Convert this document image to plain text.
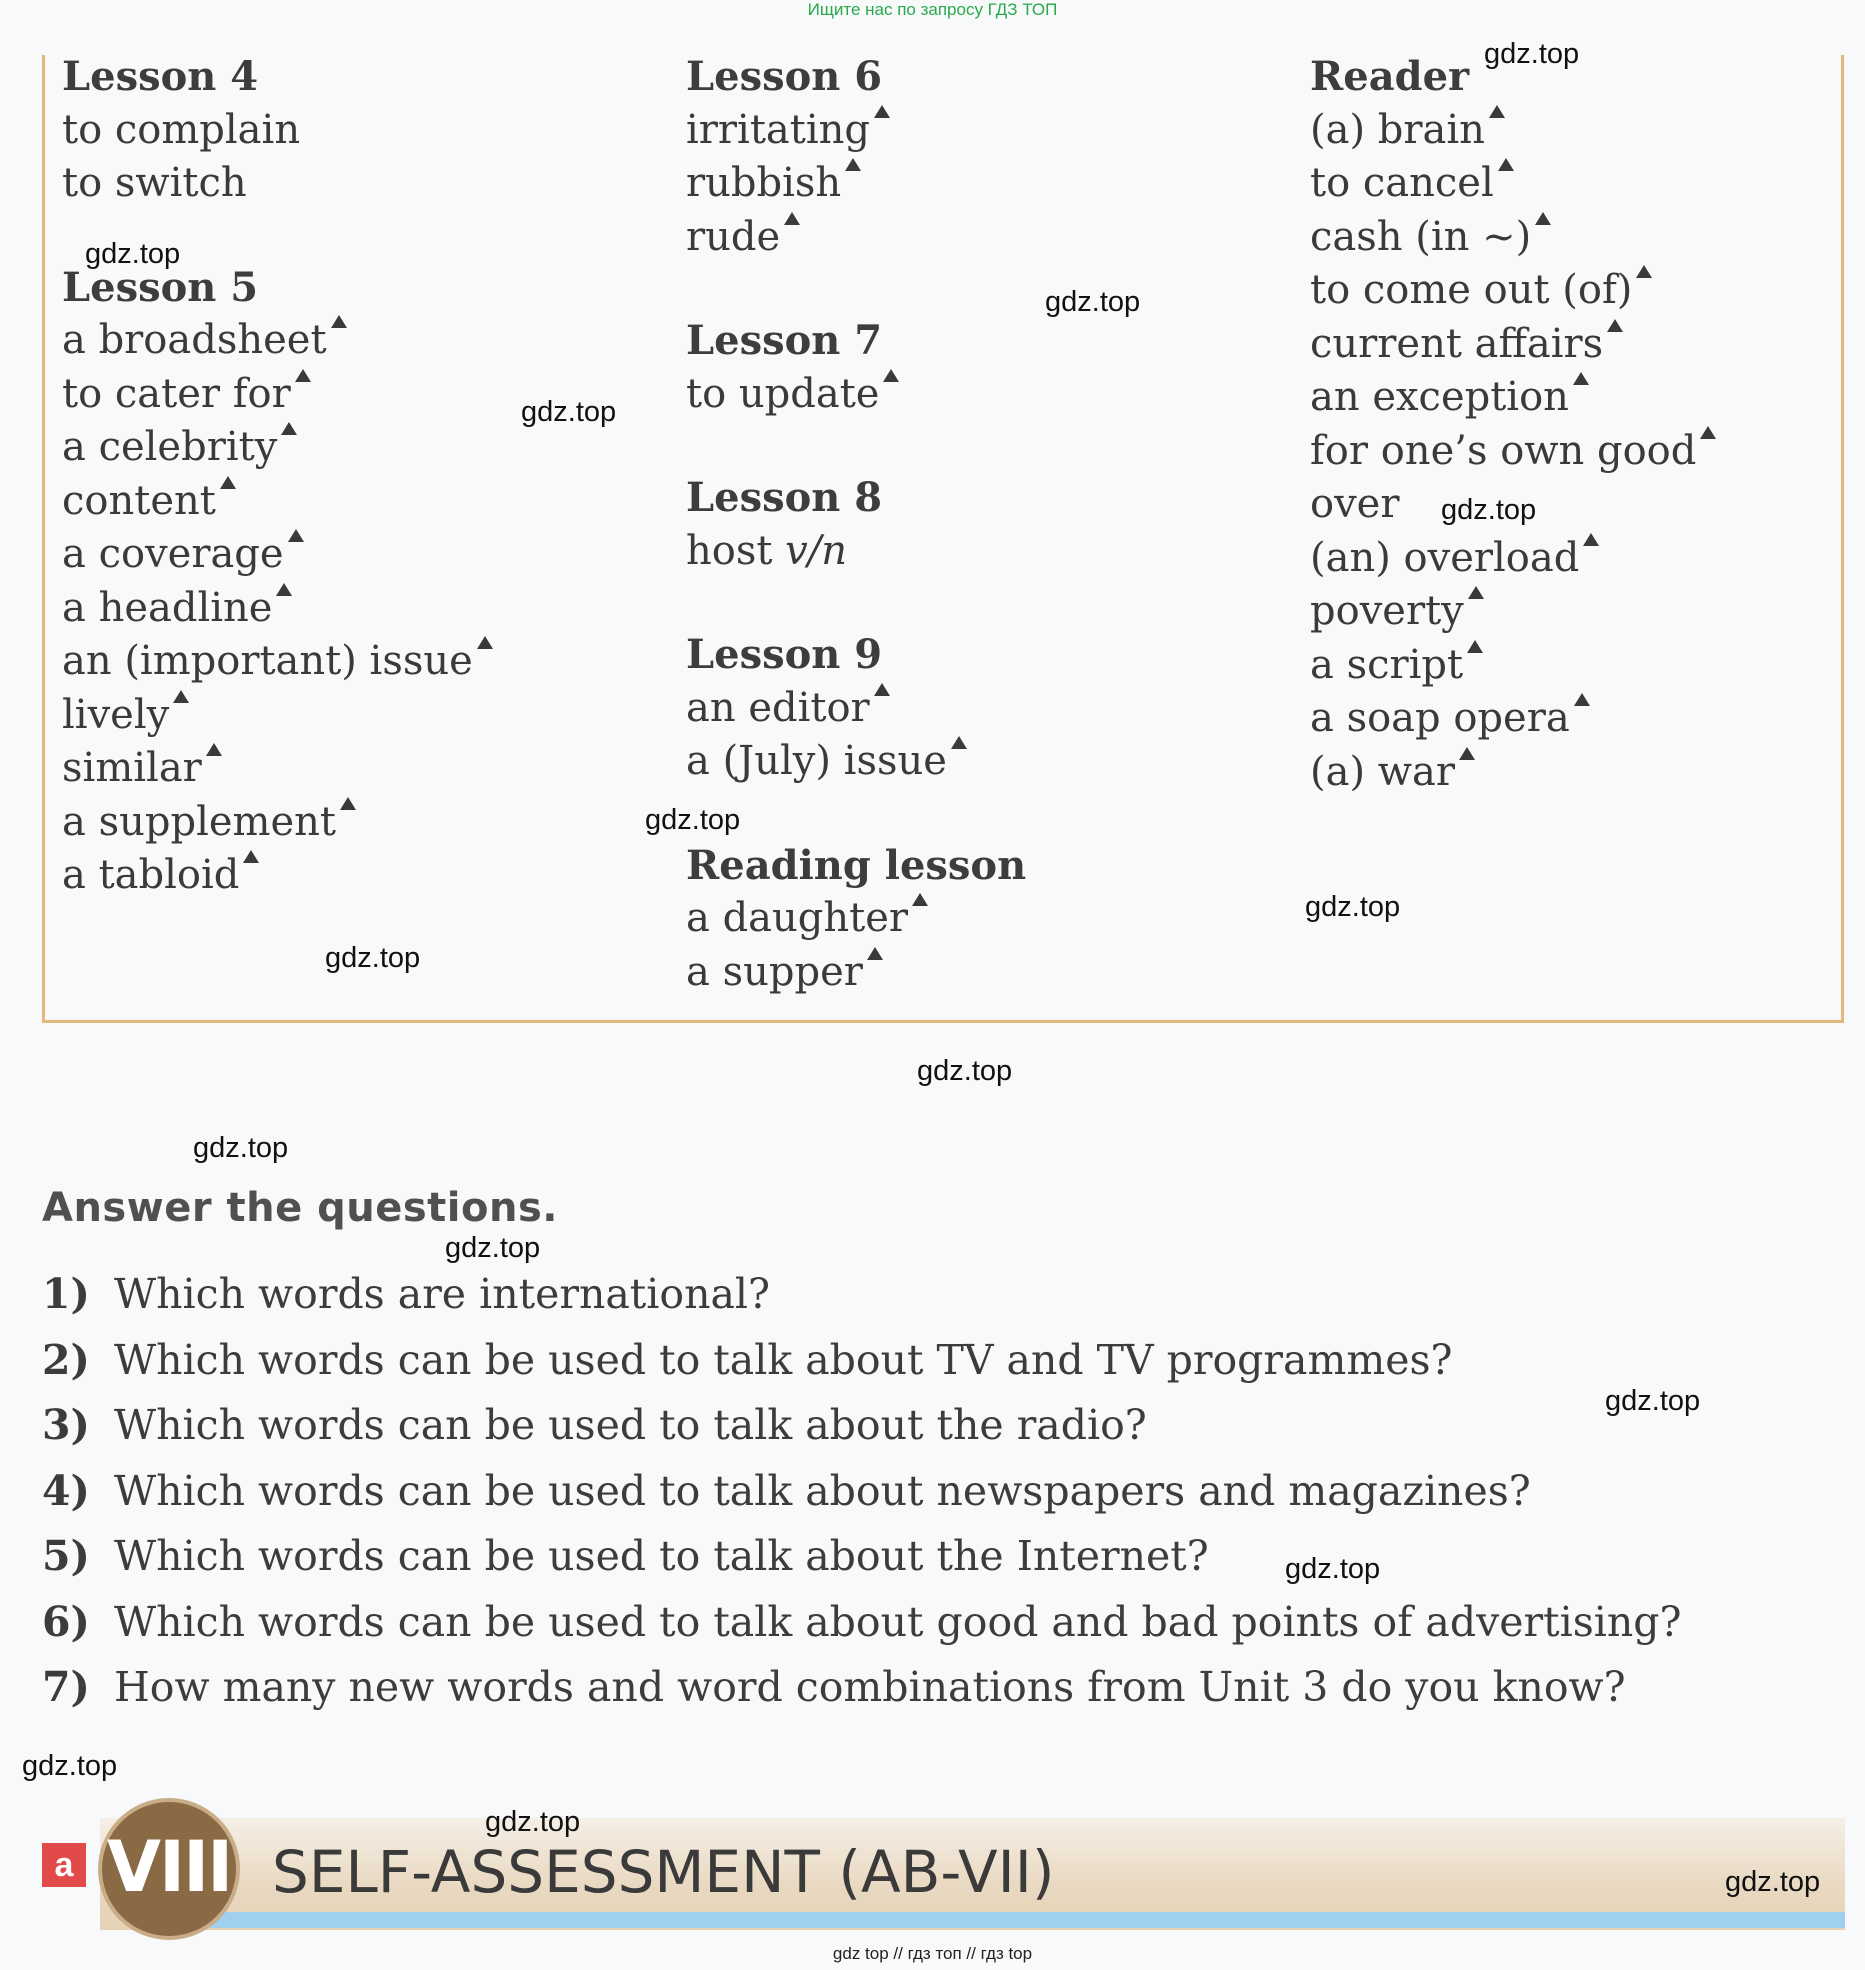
Ищите нас по запросу ГДЗ ТОП
Lesson 4
to complain
to switch
Lesson 5
a broadsheet
to cater for
a celebrity
content
a coverage
a headline
an (important) issue
lively
similar
a supplement
a tabloid
Lesson 6
irritating
rubbish
rude
Lesson 7
to update
Lesson 8
host v/n
Lesson 9
an editor
a (July) issue
Reading lesson
a daughter
a supper
Reader
(a) brain
to cancel
cash (in ~)
to come out (of)
current affairs
an exception
for one’s own good
over
(an) overload
poverty
a script
a soap opera
(a) war
Answer the questions.
1) Which words are international?
2) Which words can be used to talk about TV and TV programmes?
3) Which words can be used to talk about the radio?
4) Which words can be used to talk about newspapers and magazines?
5) Which words can be used to talk about the Internet?
6) Which words can be used to talk about good and bad points of advertising?
7) How many new words and word combinations from Unit 3 do you know?
gdz.top
gdz.top
gdz.top
gdz.top
gdz.top
gdz.top
gdz.top
gdz.top
gdz.top
gdz.top
gdz.top
gdz.top
gdz.top
gdz.top
a VIII SELF-ASSESSMENT (AB-VII)
gdz.top
gdz.top
gdz top // гдз топ // гдз top
